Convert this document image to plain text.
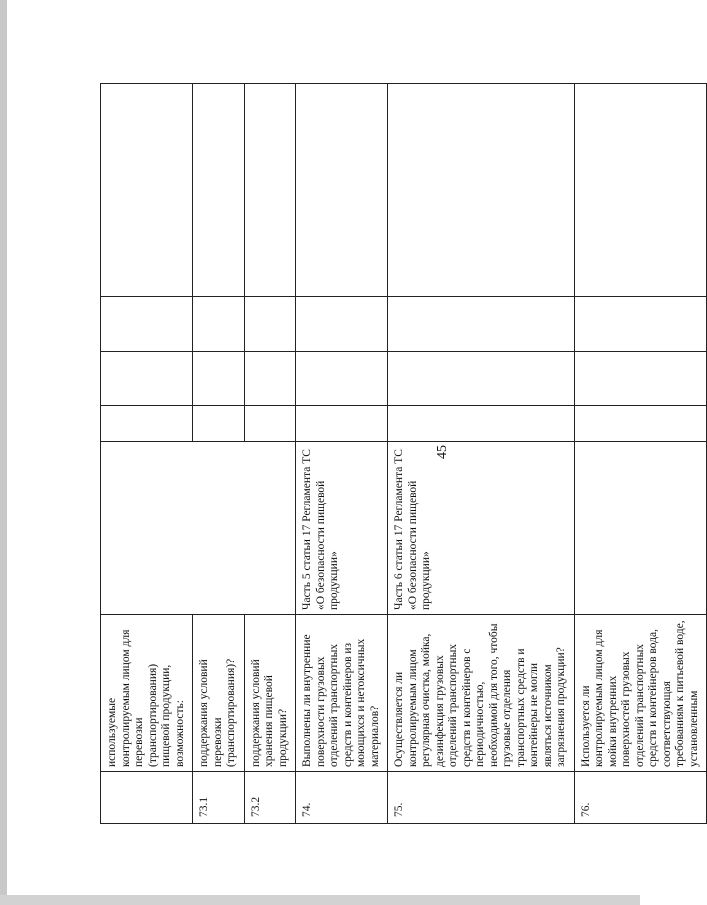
45
	используемые контролируемым лицом для перевозки (транспортирования) пищевой продукции, возможность:					
73.1	поддержания условий перевозки (транспортирования)?					
73.2	поддержания условий хранения пищевой продукции?					
74.	Выполнены ли внутренние поверхности грузовых отделений транспортных средств и контейнеров из моющихся и нетоксичных материалов?	Часть 5 статьи 17 Регламента ТС «О безопасности пищевой продукции»				
75.	Осуществляется ли контролируемым лицом регулярная очистка, мойка, дезинфекция грузовых отделений транспортных средств и контейнеров с периодичностью, необходимой для того, чтобы грузовые отделения транспортных средств и контейнеры не могли являться источником загрязнения продукции?	Часть 6 статьи 17 Регламента ТС «О безопасности пищевой продукции»				
76.	Используется ли контролируемым лицом для мойки внутренних поверхностей грузовых отделений транспортных средств и контейнеров вода, соответствующая требованиям к питьевой воде, установленным					
